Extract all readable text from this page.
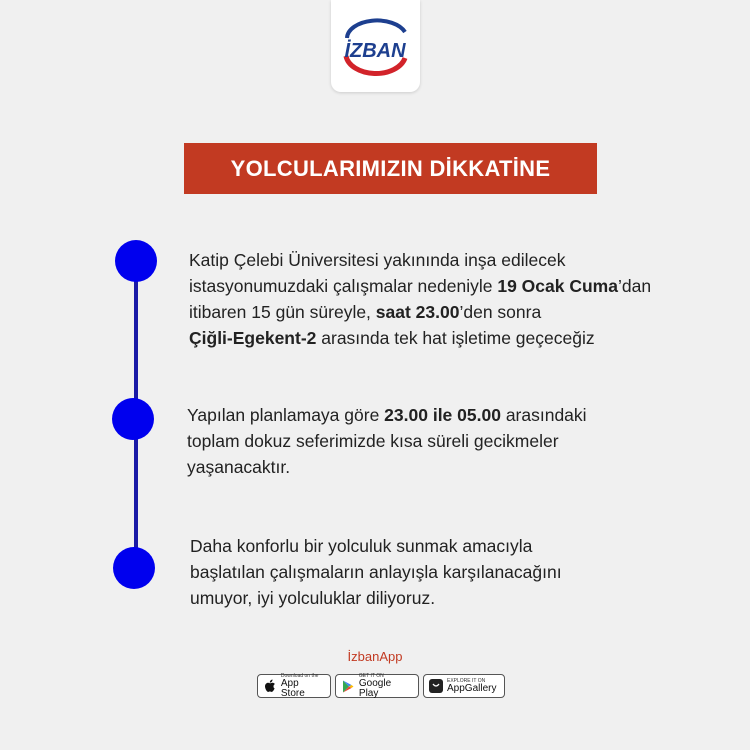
İZBAN
YOLCULARIMIZIN DİKKATİNE
Katip Çelebi Üniversitesi yakınında inşa edilecek
istasyonumuzdaki çalışmalar nedeniyle 19 Ocak Cuma’dan
itibaren 15 gün süreyle, saat 23.00’den sonra
Çiğli-Egekent-2 arasında tek hat işletime geçeceğiz
Yapılan planlamaya göre 23.00 ile 05.00 arasındaki
toplam dokuz seferimizde kısa süreli gecikmeler
yaşanacaktır.
Daha konforlu bir yolculuk sunmak amacıyla
başlatılan çalışmaların anlayışla karşılanacağını
umuyor, iyi yolculuklar diliyoruz.
İzbanApp
Download on the
App Store
GET IT ON
Google Play
EXPLORE IT ON
AppGallery
